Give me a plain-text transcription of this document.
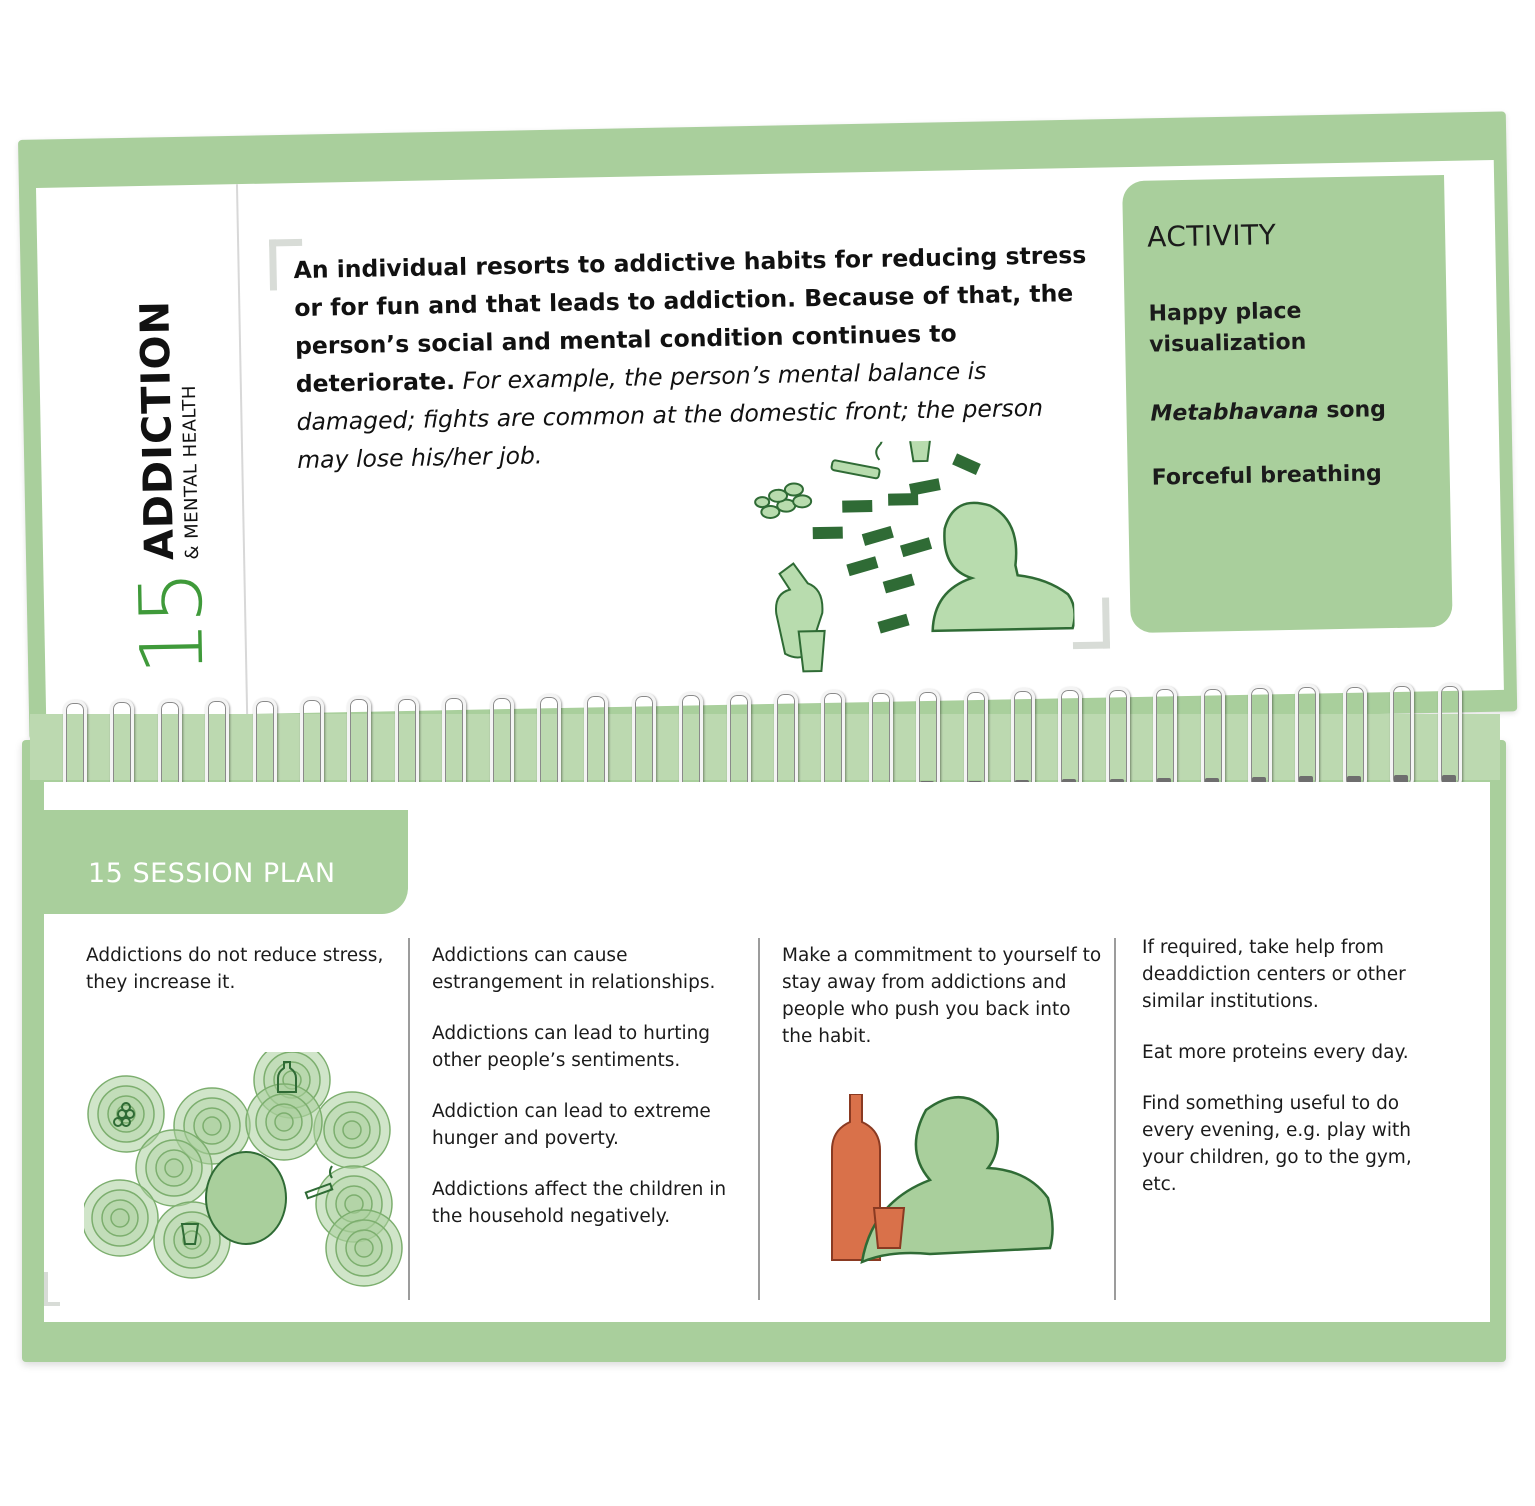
15
ADDICTION
& MENTAL HEALTH
An individual resorts to addictive habits for reducing stress or for fun and that leads to addiction. Because of that, the person’s social and mental condition continues to deteriorate. For example, the person’s mental balance is damaged; fights are common at the domestic front; the person may lose his/her job.
ACTIVITY
Happy place visualization
Metabhavana song
Forceful breathing
15 SESSION PLAN

Addictions do not reduce stress, they increase it.

Addictions can cause estrangement in relationships.

Addictions can lead to hurting other people’s sentiments.

Addiction can lead to extreme hunger and poverty.

Addictions affect the children in the household negatively.

Make a commitment to yourself to stay away from addictions and people who push you back into the habit.

If required, take help from deaddiction centers or other similar institutions.

Eat more proteins every day.

Find something useful to do every evening, e.g. play with your children, go to the gym, etc.
